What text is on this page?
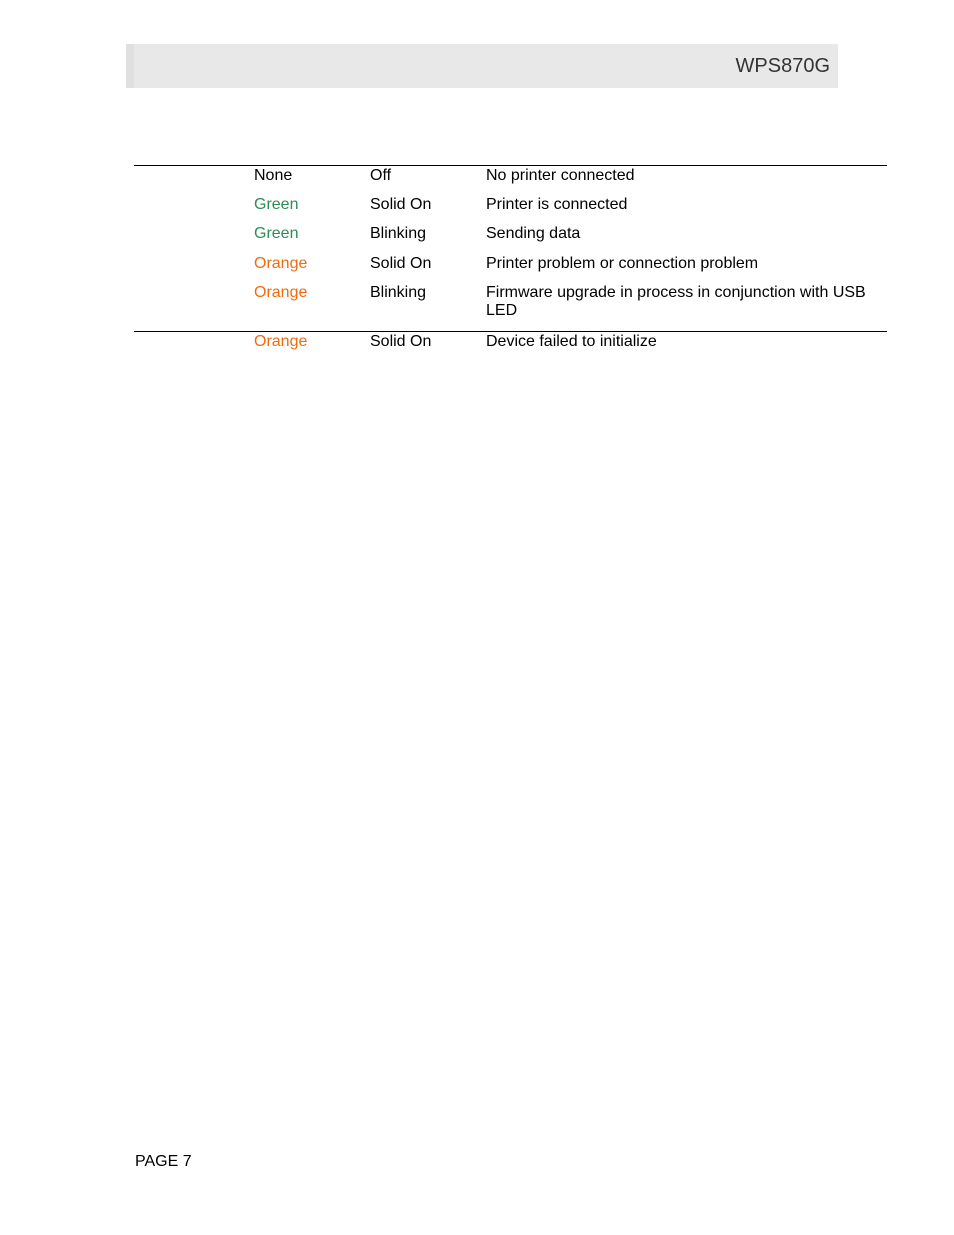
WPS870G
None	Off	No printer connected
Green	Solid On	Printer is connected
Green	Blinking	Sending data
Orange	Solid On	Printer problem or connection problem
Orange	Blinking	Firmware upgrade in process in conjunction with USB LED
Orange	Solid On	Device failed to initialize
PAGE 7
